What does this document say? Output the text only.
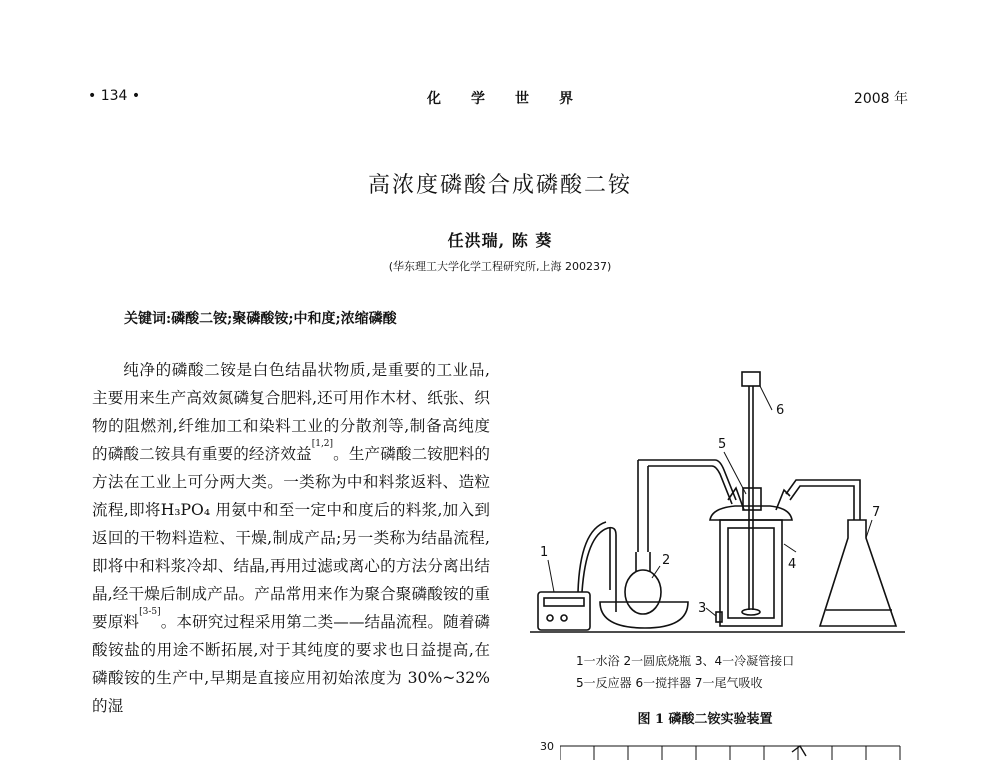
• 134 •	化学世界	2008 年
高浓度磷酸合成磷酸二铵
任洪瑞, 陈 葵
(华东理工大学化学工程研究所,上海 200237)
关键词:磷酸二铵;聚磷酸铵;中和度;浓缩磷酸
纯净的磷酸二铵是白色结晶状物质,是重要的工业品,主要用来生产高效氮磷复合肥料,还可用作木材、纸张、织物的阻燃剂,纤维加工和染料工业的分散剂等,制备高纯度的磷酸二铵具有重要的经济效益[1,2]。生产磷酸二铵肥料的方法在工业上可分两大类。一类称为中和料浆返料、造粒流程,即将H₃PO₄ 用氨中和至一定中和度后的料浆,加入到返回的干物料造粒、干燥,制成产品;另一类称为结晶流程,即将中和料浆冷却、结晶,再用过滤或离心的方法分离出结晶,经干燥后制成产品。产品常用来作为聚合聚磷酸铵的重要原料[3-5]。本研究过程采用第二类——结晶流程。随着磷酸铵盐的用途不断拓展,对于其纯度的要求也日益提高,在磷酸铵的生产中,早期是直接应用初始浓度为 30%~32%的湿
1
2
3
4
5
6
7
1一水浴 2一圆底烧瓶 3、4一冷凝管接口
5一反应器 6一搅拌器 7一尾气吸收
图 1 磷酸二铵实验装置
30
